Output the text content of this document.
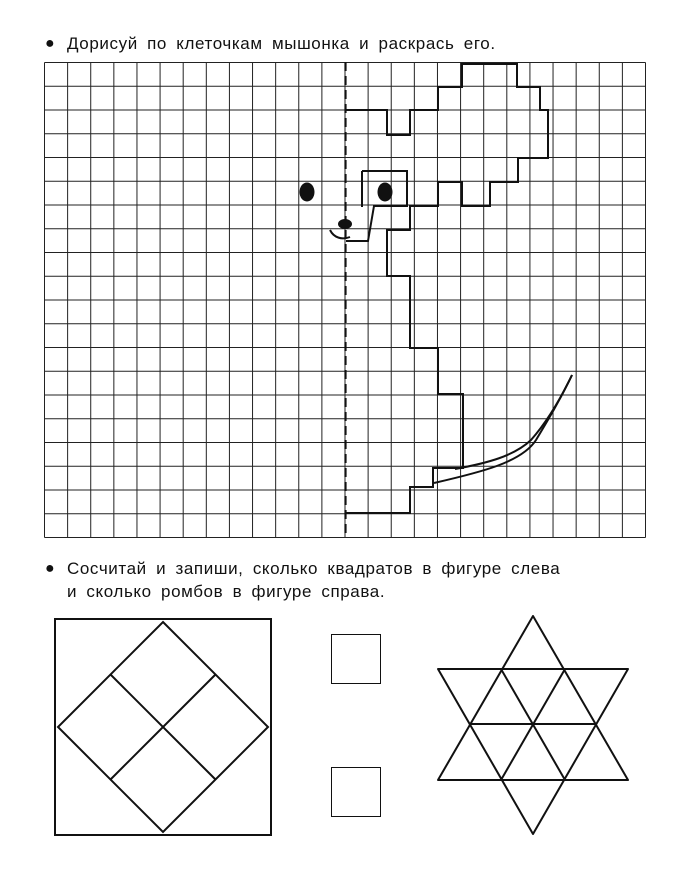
● Дорисуй по клеточкам мышонка и раскрась его.
● Сосчитай и запиши, сколько квадратов в фигуре слева
и сколько ромбов в фигуре справа.
